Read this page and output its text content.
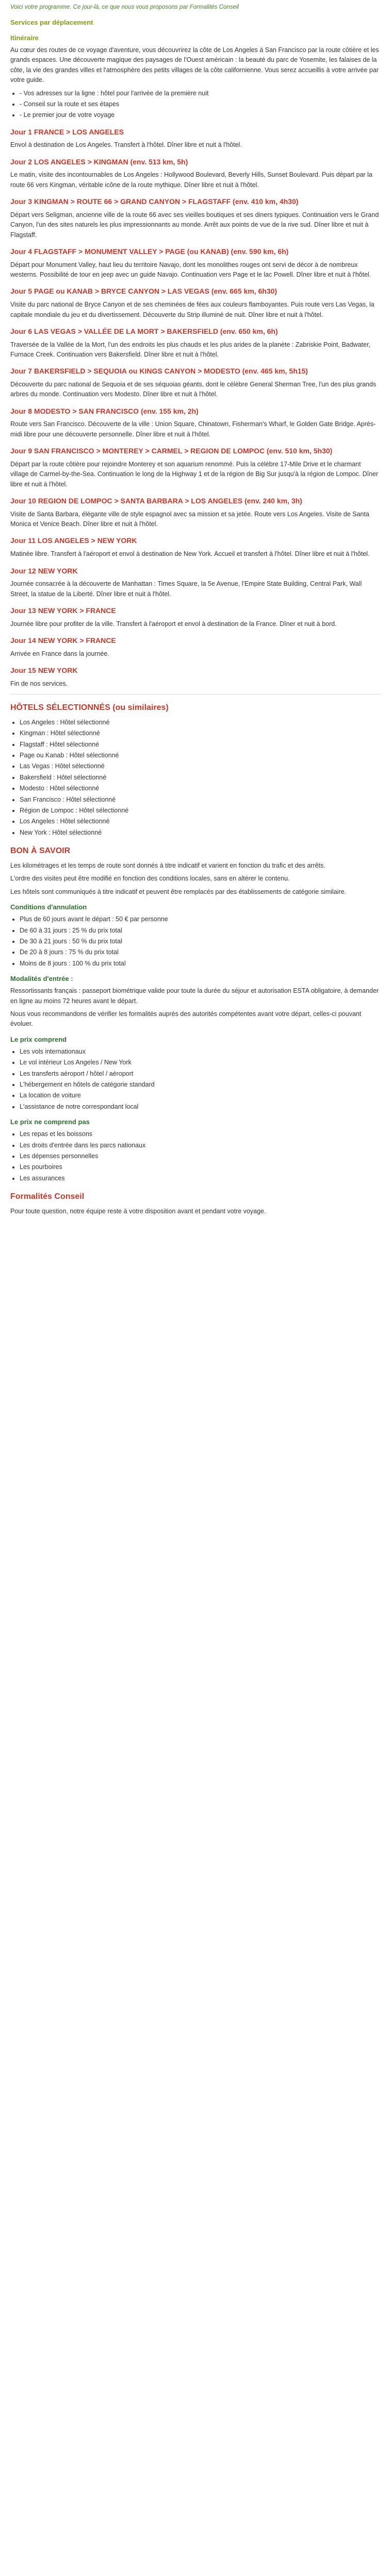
Voici votre programme. Ce jour-là, ce que nous vous proposons par Formalités Conseil

Services par déplacement
Itinéraire

Au cœur des routes de ce voyage d'aventure, vous découvrirez la côte de Los Angeles à San Francisco par la route côtière et les grands espaces. Une découverte magique des paysages de l'Ouest américain : la beauté du parc de Yosemite, les falaises de la côte, la vie des grandes villes et l'atmosphère des petits villages de la côte californienne. Vous serez accueillis à votre arrivée par votre guide.

• - Vos adresses sur la ligne : hôtel pour l'arrivée de la première nuit
• - Conseil sur la route et ses étapes
• - Le premier jour de votre voyage
Jour 1 FRANCE > LOS ANGELES

Envol à destination de Los Angeles. Transfert à l'hôtel. Dîner libre et nuit à l'hôtel.

Jour 2 LOS ANGELES > KINGMAN (env. 513 km, 5h)

Le matin, visite des incontournables de Los Angeles : Hollywood Boulevard, Beverly Hills, Sunset Boulevard. Puis départ par la route 66 vers Kingman, véritable icône de la route mythique. Dîner libre et nuit à l'hôtel.

Jour 3 KINGMAN > ROUTE 66 > GRAND CANYON > FLAGSTAFF (env. 410 km, 4h30)

Départ vers Seligman, ancienne ville de la route 66 avec ses vieilles boutiques et ses diners typiques. Continuation vers le Grand Canyon, l'un des sites naturels les plus impressionnants au monde. Arrêt aux points de vue de la rive sud. Dîner libre et nuit à Flagstaff.

Jour 4 FLAGSTAFF > MONUMENT VALLEY > PAGE (ou KANAB) (env. 590 km, 6h)

Départ pour Monument Valley, haut lieu du territoire Navajo, dont les monolithes rouges ont servi de décor à de nombreux westerns. Possibilité de tour en jeep avec un guide Navajo. Continuation vers Page et le lac Powell. Dîner libre et nuit à l'hôtel.

Jour 5 PAGE ou KANAB > BRYCE CANYON > LAS VEGAS (env. 665 km, 6h30)

Visite du parc national de Bryce Canyon et de ses cheminées de fées aux couleurs flamboyantes. Puis route vers Las Vegas, la capitale mondiale du jeu et du divertissement. Découverte du Strip illuminé de nuit. Dîner libre et nuit à l'hôtel.

Jour 6 LAS VEGAS > VALLÉE DE LA MORT > BAKERSFIELD (env. 650 km, 6h)

Traversée de la Vallée de la Mort, l'un des endroits les plus chauds et les plus arides de la planète : Zabriskie Point, Badwater, Furnace Creek. Continuation vers Bakersfield. Dîner libre et nuit à l'hôtel.

Jour 7 BAKERSFIELD > SEQUOIA ou KINGS CANYON > MODESTO (env. 465 km, 5h15)

Découverte du parc national de Sequoia et de ses séquoias géants, dont le célèbre General Sherman Tree, l'un des plus grands arbres du monde. Continuation vers Modesto. Dîner libre et nuit à l'hôtel.

Jour 8 MODESTO > SAN FRANCISCO (env. 155 km, 2h)

Route vers San Francisco. Découverte de la ville : Union Square, Chinatown, Fisherman's Wharf, le Golden Gate Bridge. Après-midi libre pour une découverte personnelle. Dîner libre et nuit à l'hôtel.

Jour 9 SAN FRANCISCO > MONTEREY > CARMEL > REGION DE LOMPOC (env. 510 km, 5h30)

Départ par la route côtière pour rejoindre Monterey et son aquarium renommé. Puis la célèbre 17-Mile Drive et le charmant village de Carmel-by-the-Sea. Continuation le long de la Highway 1 et de la région de Big Sur jusqu'à la région de Lompoc. Dîner libre et nuit à l'hôtel.

Jour 10 REGION DE LOMPOC > SANTA BARBARA > LOS ANGELES (env. 240 km, 3h)

Visite de Santa Barbara, élégante ville de style espagnol avec sa mission et sa jetée. Route vers Los Angeles. Visite de Santa Monica et Venice Beach. Dîner libre et nuit à l'hôtel.

Jour 11 LOS ANGELES > NEW YORK

Matinée libre. Transfert à l'aéroport et envol à destination de New York. Accueil et transfert à l'hôtel. Dîner libre et nuit à l'hôtel.

Jour 12 NEW YORK

Journée consacrée à la découverte de Manhattan : Times Square, la 5e Avenue, l'Empire State Building, Central Park, Wall Street, la statue de la Liberté. Dîner libre et nuit à l'hôtel.

Jour 13 NEW YORK > FRANCE

Journée libre pour profiter de la ville. Transfert à l'aéroport et envol à destination de la France. Dîner et nuit à bord.

Jour 14 NEW YORK > FRANCE

Arrivée en France dans la journée.

Jour 15 NEW YORK

Fin de nos services.

HÔTELS SÉLECTIONNÉS (ou similaires)
• Los Angeles : Hôtel sélectionné
• Kingman : Hôtel sélectionné
• Flagstaff : Hôtel sélectionné
• Page ou Kanab : Hôtel sélectionné
• Las Vegas : Hôtel sélectionné
• Bakersfield : Hôtel sélectionné
• Modesto : Hôtel sélectionné
• San Francisco : Hôtel sélectionné
• Région de Lompoc : Hôtel sélectionné
• Los Angeles : Hôtel sélectionné
• New York : Hôtel sélectionné
BON À SAVOIR

Les kilométrages et les temps de route sont donnés à titre indicatif et varient en fonction du trafic et des arrêts.

L'ordre des visites peut être modifié en fonction des conditions locales, sans en altérer le contenu.

Les hôtels sont communiqués à titre indicatif et peuvent être remplacés par des établissements de catégorie similaire.

Conditions d'annulation
• Plus de 60 jours avant le départ : 50 € par personne
• De 60 à 31 jours : 25 % du prix total
• De 30 à 21 jours : 50 % du prix total
• De 20 à 8 jours : 75 % du prix total
• Moins de 8 jours : 100 % du prix total
Modalités d'entrée :

Ressortissants français : passeport biométrique valide pour toute la durée du séjour et autorisation ESTA obligatoire, à demander en ligne au moins 72 heures avant le départ.

Nous vous recommandons de vérifier les formalités auprès des autorités compétentes avant votre départ, celles-ci pouvant évoluer.

Le prix comprend
• Les vols internationaux
• Le vol intérieur Los Angeles / New York
• Les transferts aéroport / hôtel / aéroport
• L'hébergement en hôtels de catégorie standard
• La location de voiture
• L'assistance de notre correspondant local
Le prix ne comprend pas
• Les repas et les boissons
• Les droits d'entrée dans les parcs nationaux
• Les dépenses personnelles
• Les pourboires
• Les assurances
Formalités Conseil

Pour toute question, notre équipe reste à votre disposition avant et pendant votre voyage.
